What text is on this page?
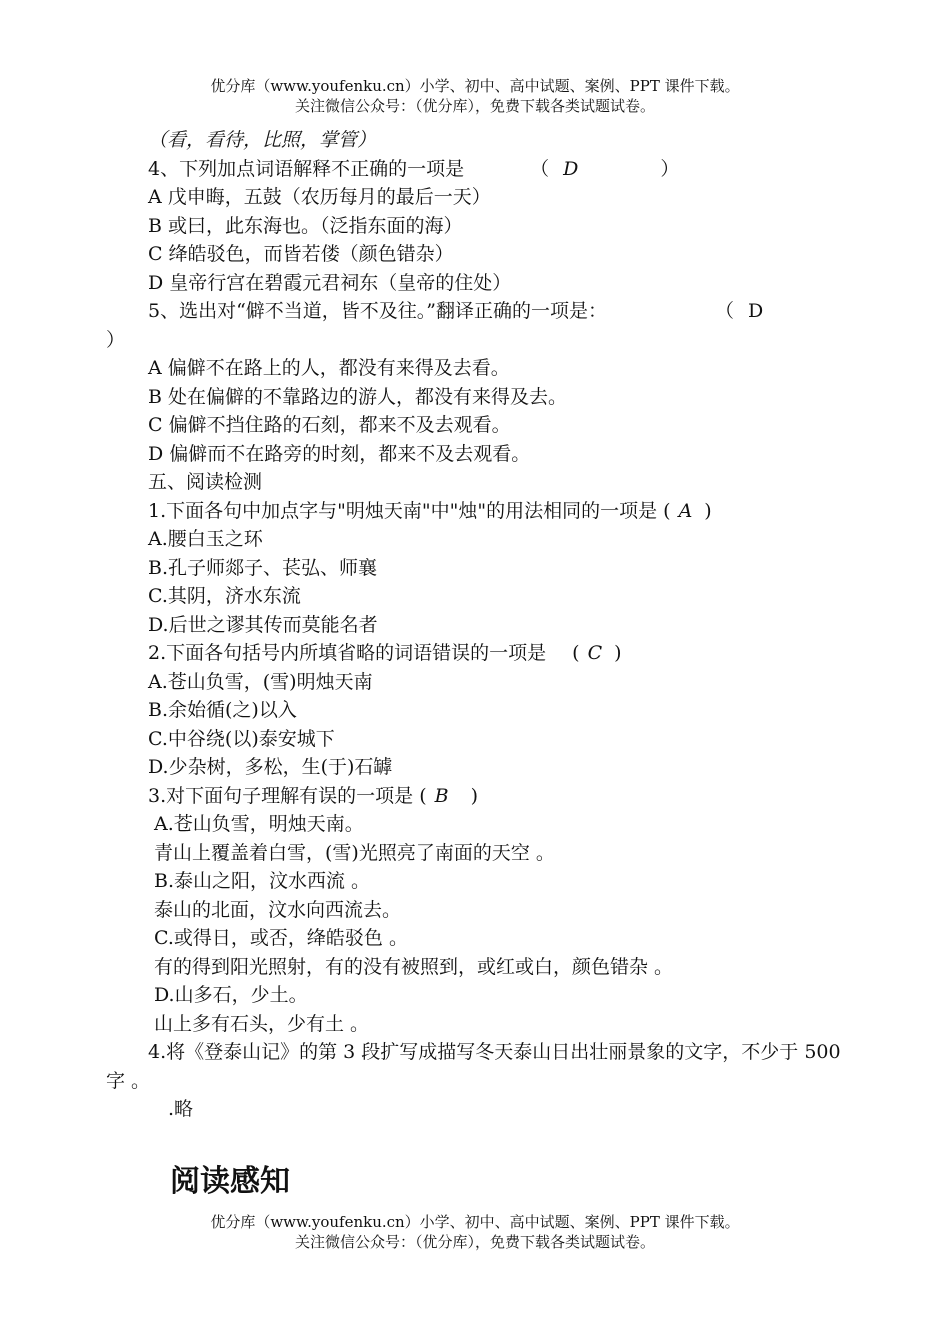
优分库（www.youfenku.cn）小学、初中、高中试题、案例、PPT 课件下载。
关注微信公众号：（优分库），免费下载各类试题试卷。
（看，看待，比照，掌管）
4、下列加点词语解释不正确的一项是	（ D	）
A 戊申晦，五鼓（农历每月的最后一天）
B 或曰，此东海也。（泛指东面的海）
C 绛皓驳色，而皆若偻（颜色错杂）
D 皇帝行宫在碧霞元君祠东（皇帝的住处）
5、选出对“僻不当道，皆不及往。”翻译正确的一项是：	（ D
）
A 偏僻不在路上的人，都没有来得及去看。
B 处在偏僻的不靠路边的游人，都没有来得及去。
C 偏僻不挡住路的石刻，都来不及去观看。
D 偏僻而不在路旁的时刻，都来不及去观看。
五、阅读检测
1.下面各句中加点字与"明烛天南"中"烛"的用法相同的一项是 ( A )
A.腰白玉之环
B.孔子师郯子、苌弘、师襄
C.其阴，济水东流
D.后世之谬其传而莫能名者
2.下面各句括号内所填省略的词语错误的一项是 ( C )
A.苍山负雪，(雪)明烛天南
B.余始循(之)以入
C.中谷绕(以)泰安城下
D.少杂树，多松，生(于)石罅
3.对下面句子理解有误的一项是 ( B )
A.苍山负雪，明烛天南。
青山上覆盖着白雪，(雪)光照亮了南面的天空 。
B.泰山之阳，汶水西流 。
泰山的北面，汶水向西流去。
C.或得日，或否，绛皓驳色 。
有的得到阳光照射，有的没有被照到，或红或白，颜色错杂 。
D.山多石，少土。
山上多有石头，少有土 。
4.将《登泰山记》的第 3 段扩写成描写冬天泰山日出壮丽景象的文字，不少于 500 字 。
.略
阅读感知
优分库（www.youfenku.cn）小学、初中、高中试题、案例、PPT 课件下载。
关注微信公众号：（优分库），免费下载各类试题试卷。
